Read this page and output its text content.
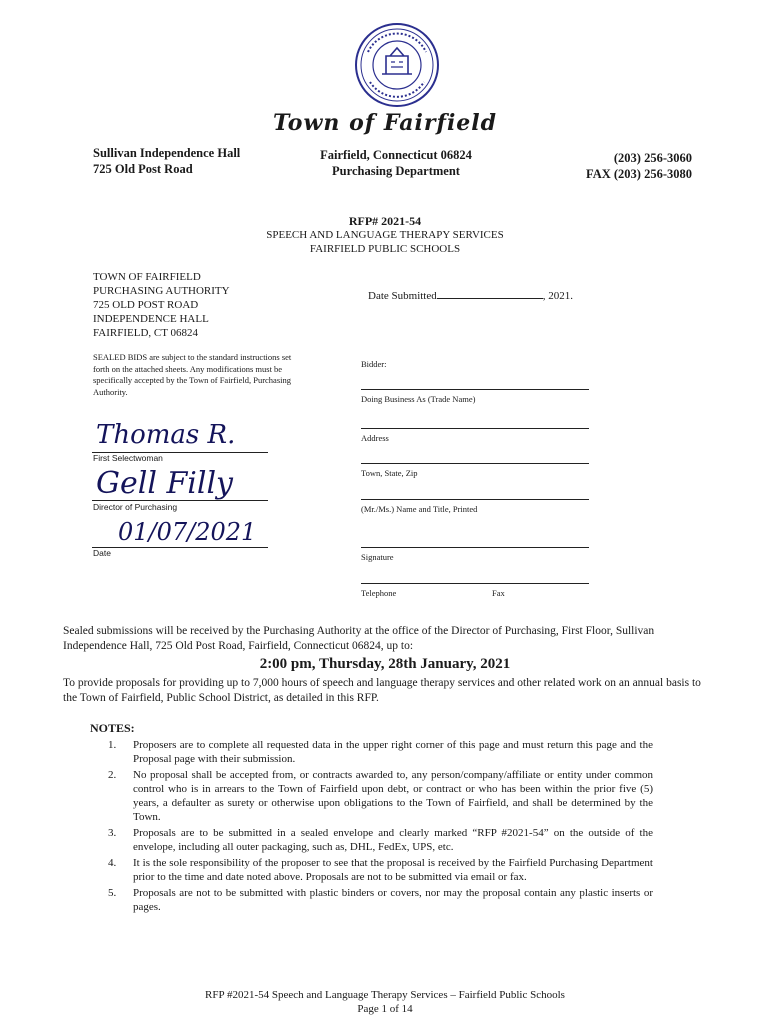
Town of Fairfield
Sullivan Independence Hall
725 Old Post Road
Fairfield, Connecticut 06824
Purchasing Department
(203) 256-3060
FAX (203) 256-3080
RFP# 2021-54
SPEECH AND LANGUAGE THERAPY SERVICES
FAIRFIELD PUBLIC SCHOOLS
TOWN OF FAIRFIELD
PURCHASING AUTHORITY
725 OLD POST ROAD
INDEPENDENCE HALL
FAIRFIELD, CT 06824
SEALED BIDS are subject to the standard instructions set forth on the attached sheets. Any modifications must be specifically accepted by the Town of Fairfield, Purchasing Authority.
Thomas R.
First Selectwoman
Gell Filly
Director of Purchasing
01/07/2021
Date
Date Submitted	, 2021.
Bidder:
Doing Business As (Trade Name)
Address
Town, State, Zip
(Mr./Ms.) Name and Title, Printed
Signature
Telephone	Fax
Sealed submissions will be received by the Purchasing Authority at the office of the Director of Purchasing, First Floor, Sullivan Independence Hall, 725 Old Post Road, Fairfield, Connecticut 06824, up to:
2:00 pm, Thursday, 28th January, 2021
To provide proposals for providing up to 7,000 hours of speech and language therapy services and other related work on an annual basis to the Town of Fairfield, Public School District, as detailed in this RFP.
NOTES:
1.	Proposers are to complete all requested data in the upper right corner of this page and must return this page and the Proposal page with their submission.
2.	No proposal shall be accepted from, or contracts awarded to, any person/company/affiliate or entity under common control who is in arrears to the Town of Fairfield upon debt, or contract or who has been within the prior five (5) years, a defaulter as surety or otherwise upon obligations to the Town of Fairfield, and shall be determined by the Town.
3.	Proposals are to be submitted in a sealed envelope and clearly marked “RFP #2021-54” on the outside of the envelope, including all outer packaging, such as, DHL, FedEx, UPS, etc.
4.	It is the sole responsibility of the proposer to see that the proposal is received by the Fairfield Purchasing Department prior to the time and date noted above. Proposals are not to be submitted via email or fax.
5.	Proposals are not to be submitted with plastic binders or covers, nor may the proposal contain any plastic inserts or pages.
RFP #2021-54 Speech and Language Therapy Services – Fairfield Public Schools
Page 1 of 14
